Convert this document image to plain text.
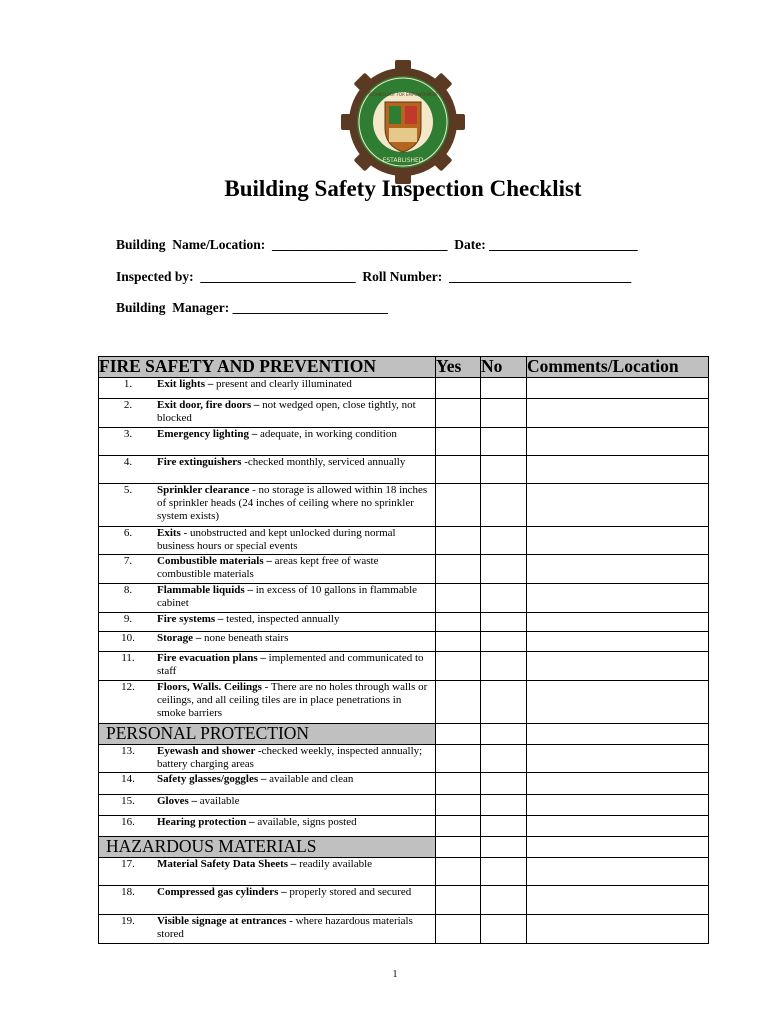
ESTABLISHED
TECHNOLOGY FOR EMPOWERMENT
Building Safety Inspection Checklist
Building  Name/Location:  __________________________  Date: ______________________
Inspected by:  _______________________  Roll Number:  ___________________________
Building  Manager: _______________________
FIRE SAFETY AND PREVENTION	Yes	No	Comments/Location
1. Exit lights – present and clearly illuminated			
2. Exit door, fire doors – not wedged open, close tightly, not blocked			
3. Emergency lighting – adequate, in working condition			
4. Fire extinguishers -checked monthly, serviced annually			
5. Sprinkler clearance - no storage is allowed within 18 inches of sprinkler heads (24 inches of ceiling where no sprinkler system exists)			
6. Exits - unobstructed and kept unlocked during normal business hours or special events			
7. Combustible materials – areas kept free of waste combustible materials			
8. Flammable liquids – in excess of 10 gallons in flammable cabinet			
9. Fire systems – tested, inspected annually			
10. Storage – none beneath stairs			
11. Fire evacuation plans – implemented and communicated to staff			
12. Floors, Walls. Ceilings - There are no holes through walls or ceilings, and all ceiling tiles are in place penetrations in smoke barriers			
PERSONAL PROTECTION			
13. Eyewash and shower -checked weekly, inspected annually; battery charging areas			
14. Safety glasses/goggles – available and clean			
15. Gloves – available			
16. Hearing protection – available, signs posted			
HAZARDOUS MATERIALS			
17. Material Safety Data Sheets – readily available			
18.Compressed gas cylinders – properly stored and secured			
19.Visible signage at entrances - where hazardous materials stored			
1
